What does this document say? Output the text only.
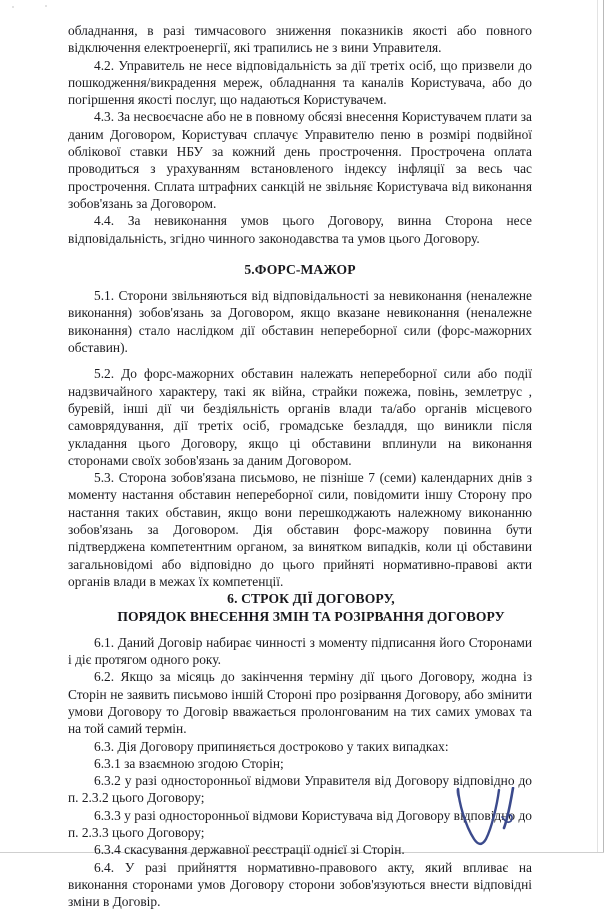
обладнання, в разі тимчасового зниження показників якості або повного відключення електроенергії, які трапились не з вини Управителя.

4.2. Управитель не несе відповідальність за дії третіх осіб, що призвели до пошкодження/викрадення мереж, обладнання та каналів Користувача, або до погіршення якості послуг, що надаються Користувачем.

4.3. За несвоєчасне або не в повному обсязі внесення Користувачем плати за даним Договором, Користувач сплачує Управителю пеню в розмірі подвійної облікової ставки НБУ за кожний день прострочення. Прострочена оплата проводиться з урахуванням встановленого індексу інфляції за весь час прострочення. Сплата штрафних санкцій не звільняє Користувача від виконання зобов'язань за Договором.

4.4. За невиконання умов цього Договору, винна Сторона несе відповідальність, згідно чинного законодавства та умов цього Договору.

5.ФОРС-МАЖОР

5.1. Сторони звільняються від відповідальності за невиконання (неналежне виконання) зобов'язань за Договором, якщо вказане невиконання (неналежне виконання) стало наслідком дії обставин непереборної сили (форс-мажорних обставин).

5.2. До форс-мажорних обставин належать непереборної сили або події надзвичайного характеру, такі як війна, страйки пожежа, повінь, землетрус , буревій, інші дії чи бездіяльність органів влади та/або органів місцевого самоврядування, дії третіх осіб, громадське безладдя, що виникли після укладання цього Договору, якщо ці обставини вплинули на виконання сторонами своїх зобов'язань за даним Договором.

5.3. Сторона зобов'язана письмово, не пізніше 7 (семи) календарних днів з моменту настання обставин непереборної сили, повідомити іншу Сторону про настання таких обставин, якщо вони перешкоджають належному виконанню зобов'язань за Договором. Дія обставин форс-мажору повинна бути підтверджена компетентним органом, за винятком випадків, коли ці обставини загальновідомі або відповідно до цього прийняті нормативно-правові акти органів влади в межах їх компетенції.

6. СТРОК ДІЇ ДОГОВОРУ,
ПОРЯДОК ВНЕСЕННЯ ЗМІН ТА РОЗІРВАННЯ ДОГОВОРУ

6.1. Даний Договір набирає чинності з моменту підписання його Сторонами і діє протягом одного року.

6.2. Якщо за місяць до закінчення терміну дії цього Договору, жодна із Сторін не заявить письмово іншій Стороні про розірвання Договору, або змінити умови Договору то Договір вважається пролонгованим на тих самих умовах та на той самий термін.

6.3. Дія Договору припиняється достроково у таких випадках:

6.3.1 за взаємною згодою Сторін;

6.3.2 у разі односторонньої відмови Управителя від Договору відповідно до п. 2.3.2 цього Договору;

6.3.3 у разі односторонньої відмови Користувача від Договору відповідно до п. 2.3.3 цього Договору;

6.3.4 скасування державної реєстрації однієї зі Сторін.

6.4. У разі прийняття нормативно-правового акту, який впливає на виконання сторонами умов Договору сторони зобов'язуються внести відповідні зміни в Договір.
